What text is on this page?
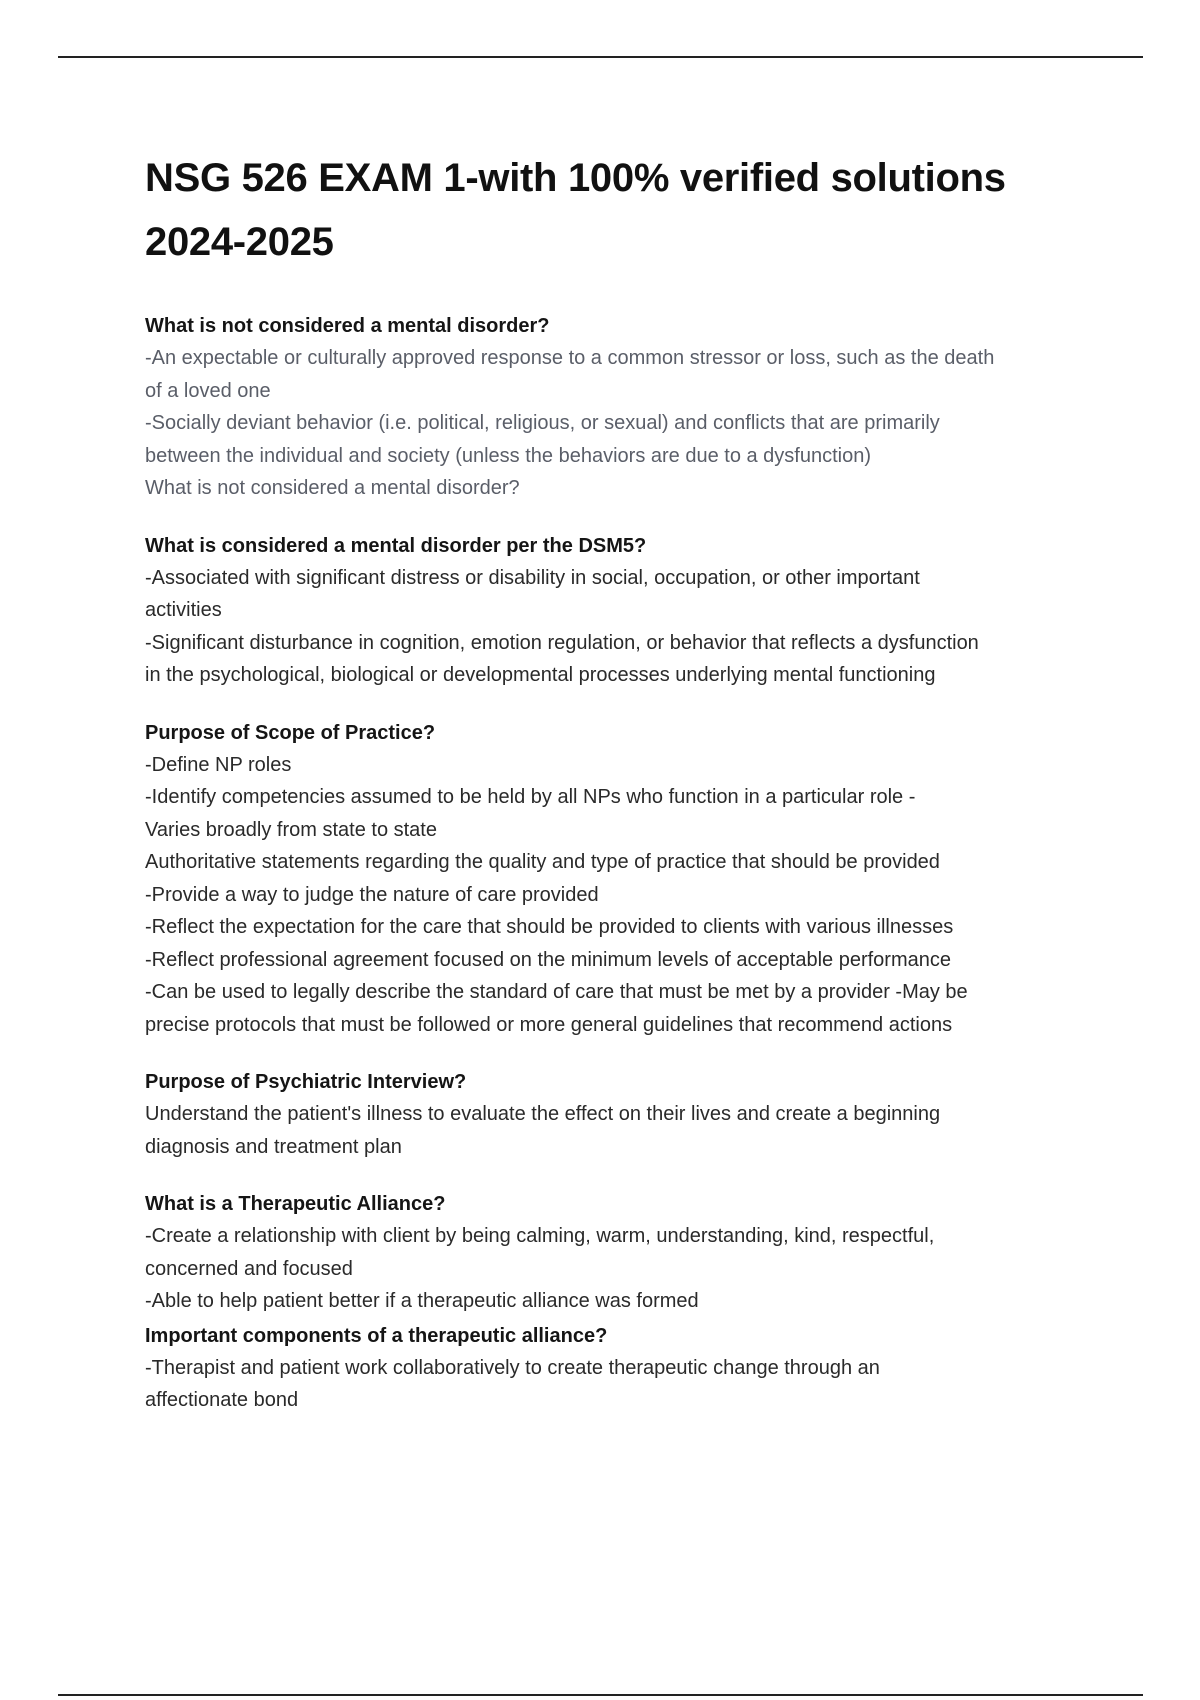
NSG 526 EXAM 1-with 100% verified solutions
2024-2025
What is not considered a mental disorder?
-An expectable or culturally approved response to a common stressor or loss, such as the death
of a loved one
-Socially deviant behavior (i.e. political, religious, or sexual) and conflicts that are primarily
between the individual and society (unless the behaviors are due to a dysfunction)
What is not considered a mental disorder?
What is considered a mental disorder per the DSM5?
-Associated with significant distress or disability in social, occupation, or other important
activities
-Significant disturbance in cognition, emotion regulation, or behavior that reflects a dysfunction
in the psychological, biological or developmental processes underlying mental functioning
Purpose of Scope of Practice?
-Define NP roles
-Identify competencies assumed to be held by all NPs who function in a particular role -
Varies broadly from state to state
Authoritative statements regarding the quality and type of practice that should be provided
-Provide a way to judge the nature of care provided
-Reflect the expectation for the care that should be provided to clients with various illnesses
-Reflect professional agreement focused on the minimum levels of acceptable performance
-Can be used to legally describe the standard of care that must be met by a provider -May be
precise protocols that must be followed or more general guidelines that recommend actions
Purpose of Psychiatric Interview?
Understand the patient's illness to evaluate the effect on their lives and create a beginning
diagnosis and treatment plan
What is a Therapeutic Alliance?
-Create a relationship with client by being calming, warm, understanding, kind, respectful,
concerned and focused
-Able to help patient better if a therapeutic alliance was formed
Important components of a therapeutic alliance?
-Therapist and patient work collaboratively to create therapeutic change through an
affectionate bond
